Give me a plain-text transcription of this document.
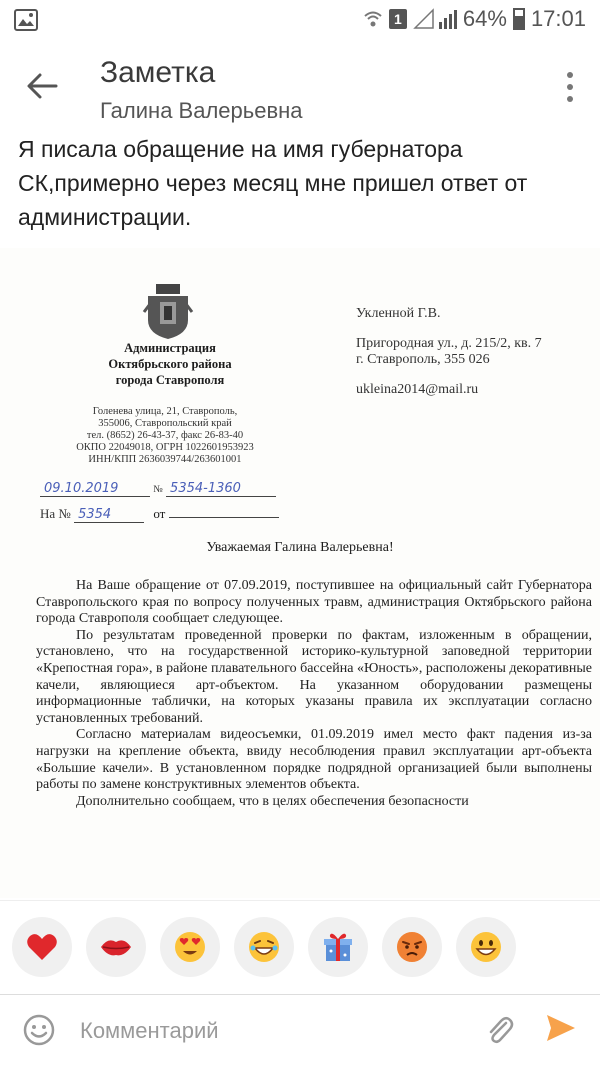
1	64% 17:01
Заметка
Галина Валерьевна
Я писала обращение на имя губернатора СК,примерно через месяц мне пришел ответ от администрации.
Администрация
Октябрьского района
города Ставрополя
Голенева улица, 21, Ставрополь,
355006, Ставропольский край
тел. (8652) 26-43-37, факс 26-83-40
ОКПО 22049018, ОГРН 1022601953923
ИНН/КПП 2636039744/263601001
09.10.2019	№ 5354-1360
На № 5354	от
Укленной Г.В.
Пригородная ул., д. 215/2, кв. 7
г. Ставрополь, 355 026
ukleina2014@mail.ru
Уважаемая Галина Валерьевна!

На Ваше обращение от 07.09.2019, поступившее на официальный сайт Губернатора Ставропольского края по вопросу полученных травм, администрация Октябрьского района города Ставрополя сообщает следующее.

По результатам проведенной проверки по фактам, изложенным в обращении, установлено, что на государственной историко-культурной заповедной территории «Крепостная гора», в районе плавательного бассейна «Юность», расположены декоративные качели, являющиеся арт-объектом. На указанном оборудовании размещены информационные таблички, на которых указаны правила их эксплуатации согласно установленных требований.

Согласно материалам видеосъемки, 01.09.2019 имел место факт падения из-за нагрузки на крепление объекта, ввиду несоблюдения правил эксплуатации арт-объекта «Большие качели». В установленном порядке подрядной организацией были выполнены работы по замене конструктивных элементов объекта.

Дополнительно сообщаем, что в целях обеспечения безопасности

Комментарий
